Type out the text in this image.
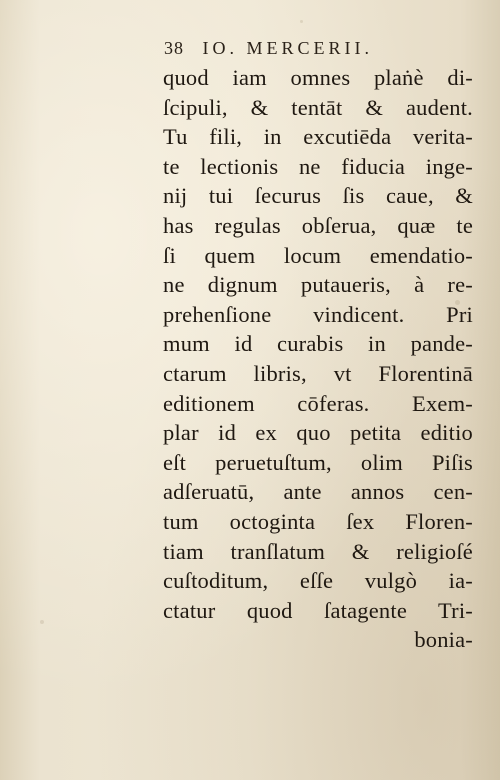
38 IO. MERCERII.
quod iam omnes plaṅè di-
ſcipuli, & tentāt & audent.
Tu fili, in excutiēda verita-
te lectionis ne fiducia inge-
nij tui ſecurus ſis caue, &
has regulas obſerua, quæ te
ſi quem locum emendatio-
ne dignum putaueris, à re-
prehenſione vindicent. Pri
mum id curabis in pande-
ctarum libris, vt Florentinā
editionem cōferas. Exem-
plar id ex quo petita editio
eſt peruetuſtum, olim Piſis
adſeruatū, ante annos cen-
tum octoginta ſex Floren-
tiam tranſlatum & religioſé
cuſtoditum, eſſe vulgò ia-
ctatur quod ſatagente Tri-
bonia-
